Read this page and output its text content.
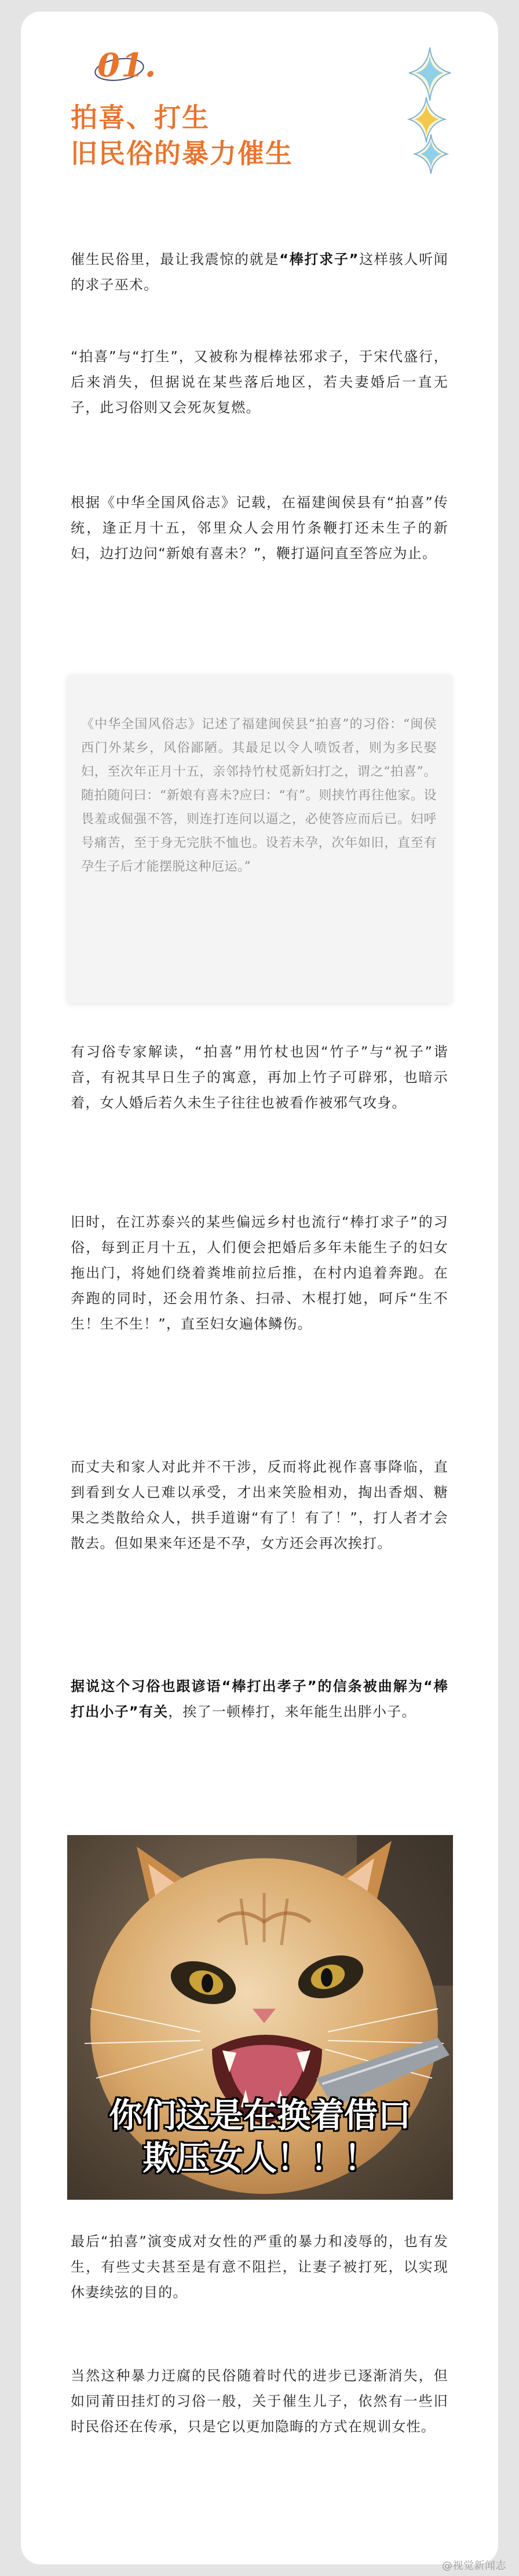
01.
拍喜、打生
旧民俗的暴力催生

催生民俗里，最让我震惊的就是“棒打求子”这样骇人听闻的求子巫术。

“拍喜”与“打生”，又被称为棍棒祛邪求子，于宋代盛行，后来消失，但据说在某些落后地区，若夫妻婚后一直无子，此习俗则又会死灰复燃。

根据《中华全国风俗志》记载，在福建闽侯县有“拍喜”传统，逢正月十五，邻里众人会用竹条鞭打还未生子的新妇，边打边问“新娘有喜未？”，鞭打逼问直至答应为止。

《中华全国风俗志》记述了福建闽侯县“拍喜”的习俗：“闽侯西门外某乡，风俗鄙陋。其最足以令人喷饭者，则为多民娶妇，至次年正月十五，亲邻持竹杖觅新妇打之，谓之“拍喜”。随拍随问曰：“新娘有喜未?应曰：“有”。则挟竹再往他家。设畏羞或倔强不答，则连打连问以逼之，必使答应而后已。妇呼号痛苦，至于身无完肤不恤也。设若未孕，次年如旧，直至有孕生子后才能摆脱这种厄运。”

有习俗专家解读，“拍喜”用竹杖也因“竹子”与“祝子”谐音，有祝其早日生子的寓意，再加上竹子可辟邪，也暗示着，女人婚后若久未生子往往也被看作被邪气攻身。

旧时，在江苏泰兴的某些偏远乡村也流行“棒打求子”的习俗，每到正月十五，人们便会把婚后多年未能生子的妇女拖出门，将她们绕着粪堆前拉后推，在村内追着奔跑。在奔跑的同时，还会用竹条、扫帚、木棍打她，呵斥“生不生！生不生！”，直至妇女遍体鳞伤。

而丈夫和家人对此并不干涉，反而将此视作喜事降临，直到看到女人已难以承受，才出来笑脸相劝，掏出香烟、糖果之类散给众人，拱手道谢“有了！有了！”，打人者才会散去。但如果来年还是不孕，女方还会再次挨打。

据说这个习俗也跟谚语“棒打出孝子”的信条被曲解为“棒打出小子”有关，挨了一顿棒打，来年能生出胖小子。

你们这是在换着借口
欺压女人！！！

最后“拍喜”演变成对女性的严重的暴力和凌辱的，也有发生，有些丈夫甚至是有意不阻拦，让妻子被打死，以实现休妻续弦的目的。

当然这种暴力迂腐的民俗随着时代的进步已逐渐消失，但如同莆田挂灯的习俗一般，关于催生儿子，依然有一些旧时民俗还在传承，只是它以更加隐晦的方式在规训女性。

@视觉新闻志
